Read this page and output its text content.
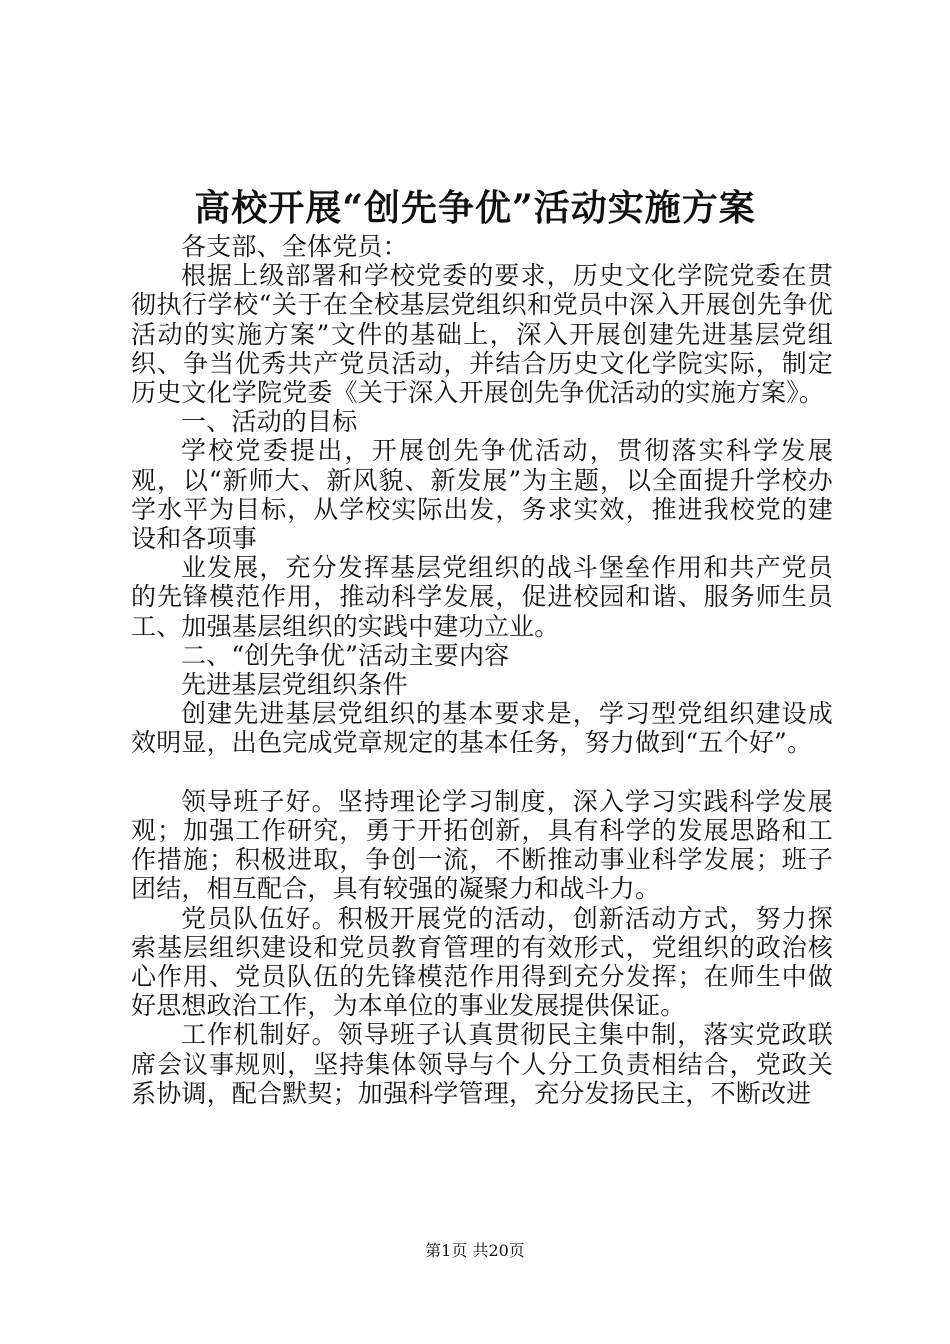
高校开展“创先争优”活动实施方案

各支部、全体党员：

根据上级部署和学校党委的要求，历史文化学院党委在贯彻执行学校“关于在全校基层党组织和党员中深入开展创先争优活动的实施方案”文件的基础上，深入开展创建先进基层党组织、争当优秀共产党员活动，并结合历史文化学院实际，制定历史文化学院党委《关于深入开展创先争优活动的实施方案》。

一、活动的目标

学校党委提出，开展创先争优活动，贯彻落实科学发展观，以“新师大、新风貌、新发展”为主题，以全面提升学校办学水平为目标，从学校实际出发，务求实效，推进我校党的建设和各项事

业发展，充分发挥基层党组织的战斗堡垒作用和共产党员的先锋模范作用，推动科学发展，促进校园和谐、服务师生员工、加强基层组织的实践中建功立业。

二、“创先争优”活动主要内容

先进基层党组织条件

创建先进基层党组织的基本要求是，学习型党组织建设成效明显，出色完成党章规定的基本任务，努力做到“五个好”。

领导班子好。坚持理论学习制度，深入学习实践科学发展观；加强工作研究，勇于开拓创新，具有科学的发展思路和工作措施；积极进取，争创一流，不断推动事业科学发展；班子团结，相互配合，具有较强的凝聚力和战斗力。

党员队伍好。积极开展党的活动，创新活动方式，努力探索基层组织建设和党员教育管理的有效形式，党组织的政治核心作用、党员队伍的先锋模范作用得到充分发挥；在师生中做好思想政治工作，为本单位的事业发展提供保证。

工作机制好。领导班子认真贯彻民主集中制，落实党政联席会议事规则，坚持集体领导与个人分工负责相结合，党政关系协调，配合默契；加强科学管理，充分发扬民主，不断改进

第1页 共20页
